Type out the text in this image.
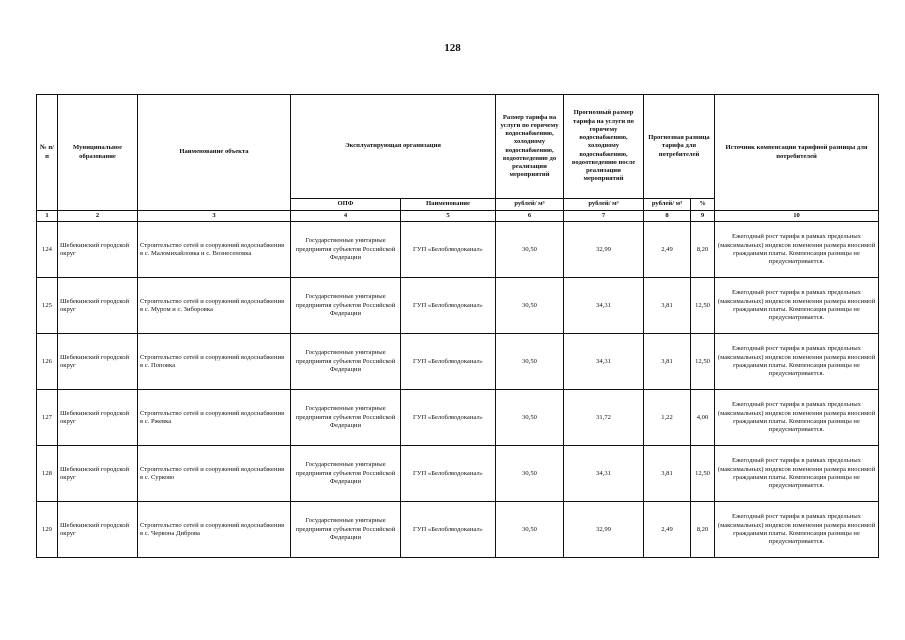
128
№ п/п	Муниципальное образование	Наименование объекта	Эксплуатирующая организация		Размер тарифа на услуги по горячему водоснабжению, холодному водоснабжению, водоотведению до реализации мероприятий	Прогнозный размер тарифа на услуги по горячему водоснабжению, холодному водоснабжению, водоотведению после реализации мероприятий	Прогнозная разница тарифа для потребителей		Источник компенсации тарифной разницы для потребителей
			ОПФ	Наименование	рублей/ м³	рублей/ м³	рублей/ м³	%	
1	2	3	4	5	6	7	8	9	10
124	Шебекинский городской округ	Строительство сетей и сооружений водоснабжения в с. Маломихайловка и с. Вознесеновка	Государственные унитарные предприятия субъектов Российской Федерации	ГУП «Белоблводоканал»	30,50	32,99	2,49	8,20	Ежегодный рост тарифа в рамках предельных (максимальных) индексов изменения размера вносимой гражданами платы. Компенсация разницы не предусматривается.
125	Шебекинский городской округ	Строительство сетей и сооружений водоснабжения в с. Муром и с. Зиборовка	Государственные унитарные предприятия субъектов Российской Федерации	ГУП «Белоблводоканал»	30,50	34,31	3,81	12,50	Ежегодный рост тарифа в рамках предельных (максимальных) индексов изменения размера вносимой гражданами платы. Компенсация разницы не предусматривается.
126	Шебекинский городской округ	Строительство сетей и сооружений водоснабжения в с. Поповка	Государственные унитарные предприятия субъектов Российской Федерации	ГУП «Белоблводоканал»	30,50	34,31	3,81	12,50	Ежегодный рост тарифа в рамках предельных (максимальных) индексов изменения размера вносимой гражданами платы. Компенсация разницы не предусматривается.
127	Шебекинский городской округ	Строительство сетей и сооружений водоснабжения в с. Ржевка	Государственные унитарные предприятия субъектов Российской Федерации	ГУП «Белоблводоканал»	30,50	31,72	1,22	4,00	Ежегодный рост тарифа в рамках предельных (максимальных) индексов изменения размера вносимой гражданами платы. Компенсация разницы не предусматривается.
128	Шебекинский городской округ	Строительство сетей и сооружений водоснабжения в с. Сурково	Государственные унитарные предприятия субъектов Российской Федерации	ГУП «Белоблводоканал»	30,50	34,31	3,81	12,50	Ежегодный рост тарифа в рамках предельных (максимальных) индексов изменения размера вносимой гражданами платы. Компенсация разницы не предусматривается.
129	Шебекинский городской округ	Строительство сетей и сооружений водоснабжения в с. Червона Диброва	Государственные унитарные предприятия субъектов Российской Федерации	ГУП «Белоблводоканал»	30,50	32,99	2,49	8,20	Ежегодный рост тарифа в рамках предельных (максимальных) индексов изменения размера вносимой гражданами платы. Компенсация разницы не предусматривается.
